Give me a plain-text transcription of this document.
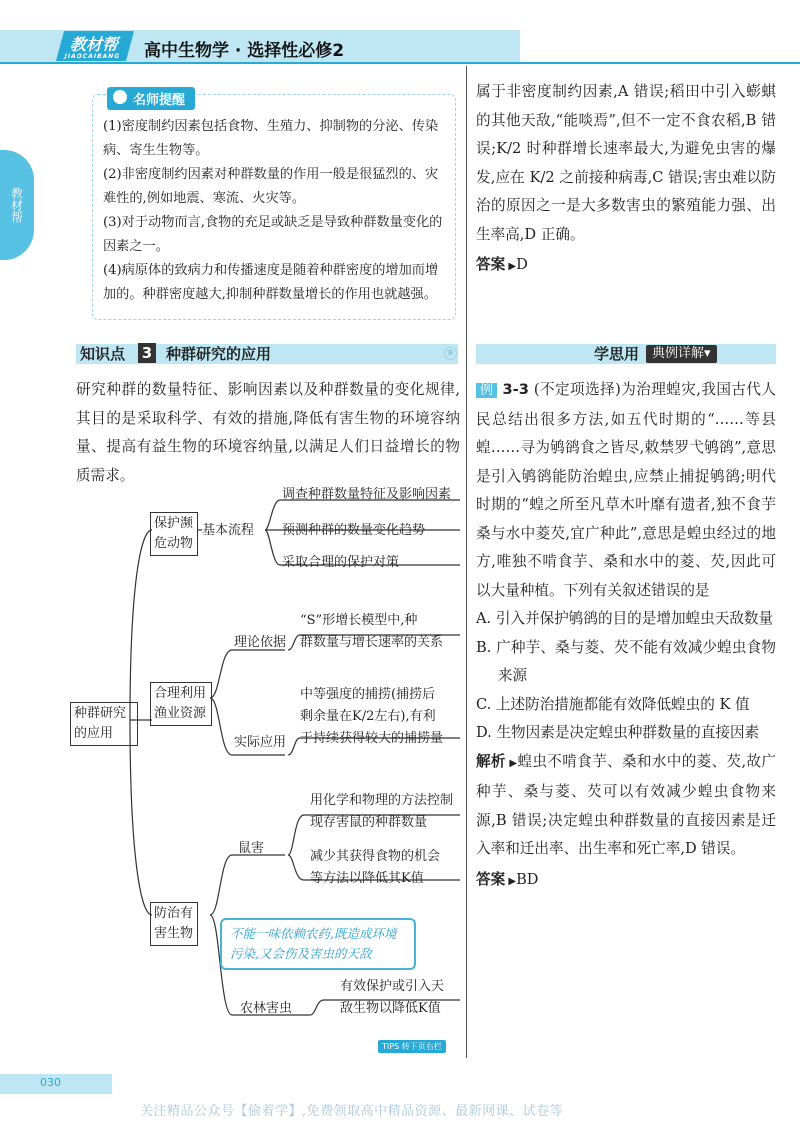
教材帮
JIAOCAIBANG 高中生物学 · 选择性必修2
教材帮
名师提醒

(1)密度制约因素包括食物、生殖力、抑制物的分泌、传染病、寄生生物等。

(2)非密度制约因素对种群数量的作用一般是很猛烈的、灾难性的,例如地震、寒流、火灾等。

(3)对于动物而言,食物的充足或缺乏是导致种群数量变化的因素之一。

(4)病原体的致病力和传播速度是随着种群密度的增加而增加的。种群密度越大,抑制种群数量增长的作用也就越强。

属于非密度制约因素,A 错误;稻田中引入蟛蜞的其他天敌,“能啖焉”,但不一定不食农稻,B 错误;K/2 时种群增长速率最大,为避免虫害的爆发,应在 K/2 之前接种病毒,C 错误;害虫难以防治的原因之一是大多数害虫的繁殖能力强、出生率高,D 正确。

答案 ▶D

知识点 3 种群研究的应用	B	学思用 典例详解▾
研究种群的数量特征、影响因素以及种群数量的变化规律,其目的是采取科学、有效的措施,降低有害生物的环境容纳量、提高有益生物的环境容纳量,以满足人们日益增长的物质需求。
种群研究的应用
保护濒危动物
基本流程
调查种群数量特征及影响因素
预测种群的数量变化趋势
采取合理的保护对策
合理利用渔业资源
理论依据
“S”形增长模型中,种
群数量与增长速率的关系
实际应用
中等强度的捕捞(捕捞后
剩余量在K/2左右),有利
于持续获得较大的捕捞量
防治有害生物
鼠害
用化学和物理的方法控制
现存害鼠的种群数量
减少其获得食物的机会
等方法以降低其K值
农林害虫
有效保护或引入天
敌生物以降低K值
不能一味依赖农药,既造成环境污染,又会伤及害虫的天敌

例 3-3 (不定项选择)为治理蝗灾,我国古代人民总结出很多方法,如五代时期的“……等县蝗……寻为鸲鹆食之皆尽,敕禁罗弋鸲鹆”,意思是引入鸲鹆能防治蝗虫,应禁止捕捉鸲鹆;明代时期的“蝗之所至凡草木叶靡有遗者,独不食芋桑与水中菱芡,宜广种此”,意思是蝗虫经过的地方,唯独不啃食芋、桑和水中的菱、芡,因此可以大量种植。下列有关叙述错误的是

A. 引入并保护鸲鹆的目的是增加蝗虫天敌数量

B. 广种芋、桑与菱、芡不能有效减少蝗虫食物来源

C. 上述防治措施都能有效降低蝗虫的 K 值

D. 生物因素是决定蝗虫种群数量的直接因素

解析 ▶蝗虫不啃食芋、桑和水中的菱、芡,故广种芋、桑与菱、芡可以有效减少蝗虫食物来源,B 错误;决定蝗虫种群数量的直接因素是迁入率和迁出率、出生率和死亡率,D 错误。

答案 ▶BD

TIPS 转下页右栏
030
关注精品公众号【偷着学】,免费领取高中精品资源、最新网课、试卷等
